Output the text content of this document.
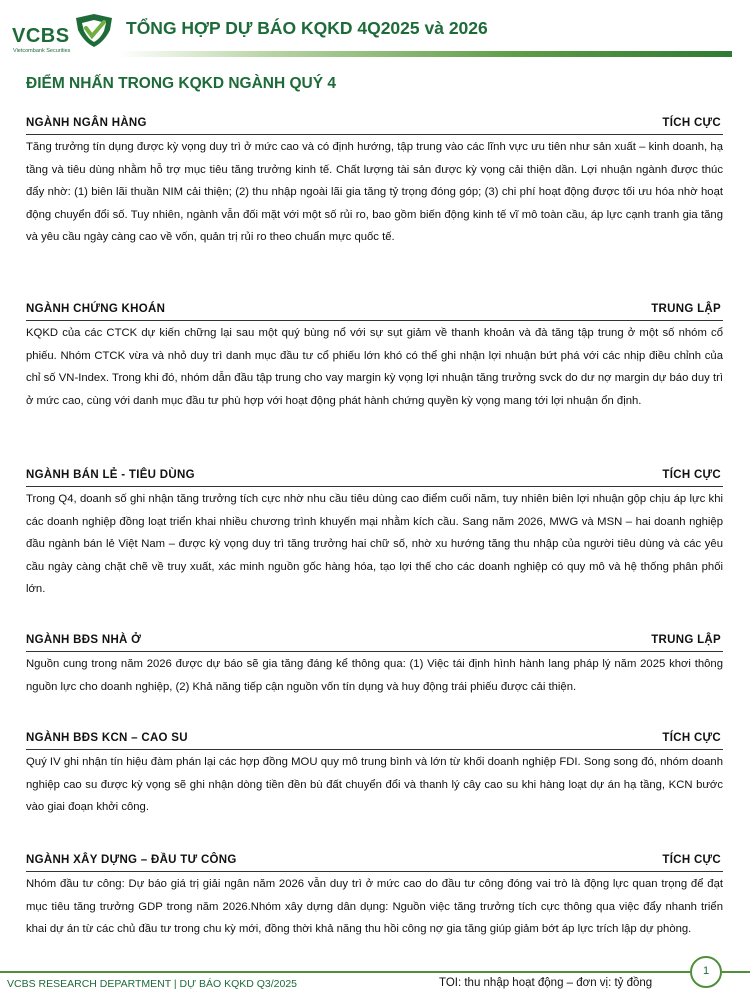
VCBS
Vietcombank Securities
TỔNG HỢP DỰ BÁO KQKD 4Q2025 và 2026
ĐIỂM NHẤN TRONG KQKD NGÀNH QUÝ 4
NGÀNH NGÂN HÀNG	TÍCH CỰC
Tăng trưởng tín dụng được kỳ vọng duy trì ở mức cao và có định hướng, tập trung vào các lĩnh vực ưu tiên như sản xuất – kinh doanh, hạ tầng và tiêu dùng nhằm hỗ trợ mục tiêu tăng trưởng kinh tế. Chất lượng tài sản được kỳ vọng cải thiện dần. Lợi nhuận ngành được thúc đẩy nhờ: (1) biên lãi thuần NIM cải thiện; (2) thu nhập ngoài lãi gia tăng tỷ trọng đóng góp; (3) chi phí hoạt động được tối ưu hóa nhờ hoạt động chuyển đổi số. Tuy nhiên, ngành vẫn đối mặt với một số rủi ro, bao gồm biến động kinh tế vĩ mô toàn cầu, áp lực cạnh tranh gia tăng và yêu cầu ngày càng cao về vốn, quản trị rủi ro theo chuẩn mực quốc tế.
NGÀNH CHỨNG KHOÁN	TRUNG LẬP
KQKD của các CTCK dự kiến chững lại sau một quý bùng nổ với sự sụt giảm về thanh khoản và đà tăng tập trung ở một số nhóm cổ phiếu. Nhóm CTCK vừa và nhỏ duy trì danh mục đầu tư cổ phiếu lớn khó có thể ghi nhận lợi nhuận bứt phá với các nhịp điều chỉnh của chỉ số VN-Index. Trong khi đó, nhóm dẫn đầu tập trung cho vay margin kỳ vọng lợi nhuận tăng trưởng svck do dư nợ margin dự báo duy trì ở mức cao, cùng với danh mục đầu tư phù hợp với hoạt động phát hành chứng quyền kỳ vọng mang tới lợi nhuận ổn định.
NGÀNH BÁN LẺ - TIÊU DÙNG	TÍCH CỰC
Trong Q4, doanh số ghi nhận tăng trưởng tích cực nhờ nhu cầu tiêu dùng cao điểm cuối năm, tuy nhiên biên lợi nhuận gộp chịu áp lực khi các doanh nghiệp đồng loạt triển khai nhiều chương trình khuyến mại nhằm kích cầu. Sang năm 2026, MWG và MSN – hai doanh nghiệp đầu ngành bán lẻ Việt Nam – được kỳ vọng duy trì tăng trưởng hai chữ số, nhờ xu hướng tăng thu nhập của người tiêu dùng và các yêu cầu ngày càng chặt chẽ về truy xuất, xác minh nguồn gốc hàng hóa, tạo lợi thế cho các doanh nghiệp có quy mô và hệ thống phân phối lớn.
NGÀNH BĐS NHÀ Ở	TRUNG LẬP
Nguồn cung trong năm 2026 được dự báo sẽ gia tăng đáng kể thông qua: (1) Việc tái định hình hành lang pháp lý năm 2025 khơi thông nguồn lực cho doanh nghiệp, (2) Khả năng tiếp cận nguồn vốn tín dụng và huy động trái phiếu được cải thiện.
NGÀNH BĐS KCN – CAO SU	TÍCH CỰC
Quý IV ghi nhận tín hiệu đàm phán lại các hợp đồng MOU quy mô trung bình và lớn từ khối doanh nghiệp FDI. Song song đó, nhóm doanh nghiệp cao su được kỳ vọng sẽ ghi nhận dòng tiền đền bù đất chuyển đổi và thanh lý cây cao su khi hàng loạt dự án hạ tầng, KCN bước vào giai đoạn khởi công.
NGÀNH XÂY DỰNG – ĐẦU TƯ CÔNG	TÍCH CỰC
Nhóm đầu tư công: Dự báo giá trị giải ngân năm 2026 vẫn duy trì ở mức cao do đầu tư công đóng vai trò là động lực quan trọng để đạt mục tiêu tăng trưởng GDP trong năm 2026.Nhóm xây dựng dân dụng: Nguồn việc tăng trưởng tích cực thông qua việc đẩy nhanh triển khai dự án từ các chủ đầu tư trong chu kỳ mới, đồng thời khả năng thu hồi công nợ gia tăng giúp giảm bớt áp lực trích lập dự phòng.
1
VCBS RESEARCH DEPARTMENT | DỰ BÁO KQKD Q3/2025	TOI: thu nhập hoạt động – đơn vị: tỷ đồng
